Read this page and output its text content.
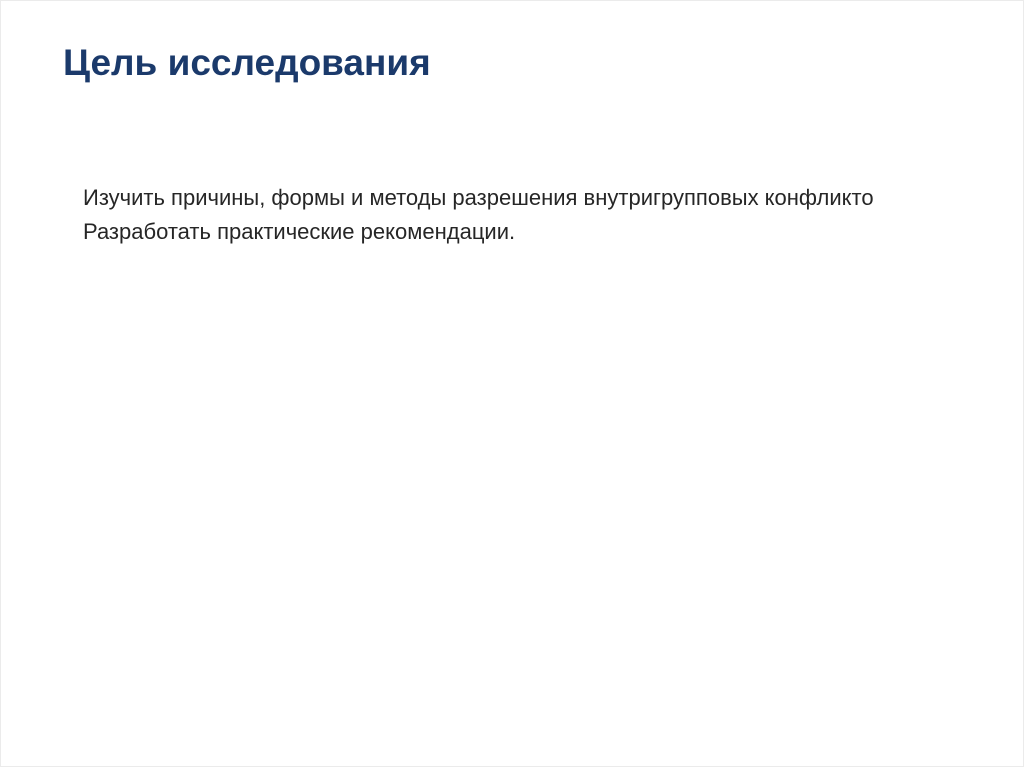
Цель исследования
Изучить причины, формы и методы разрешения внутригрупповых конфликто
Разработать практические рекомендации.
